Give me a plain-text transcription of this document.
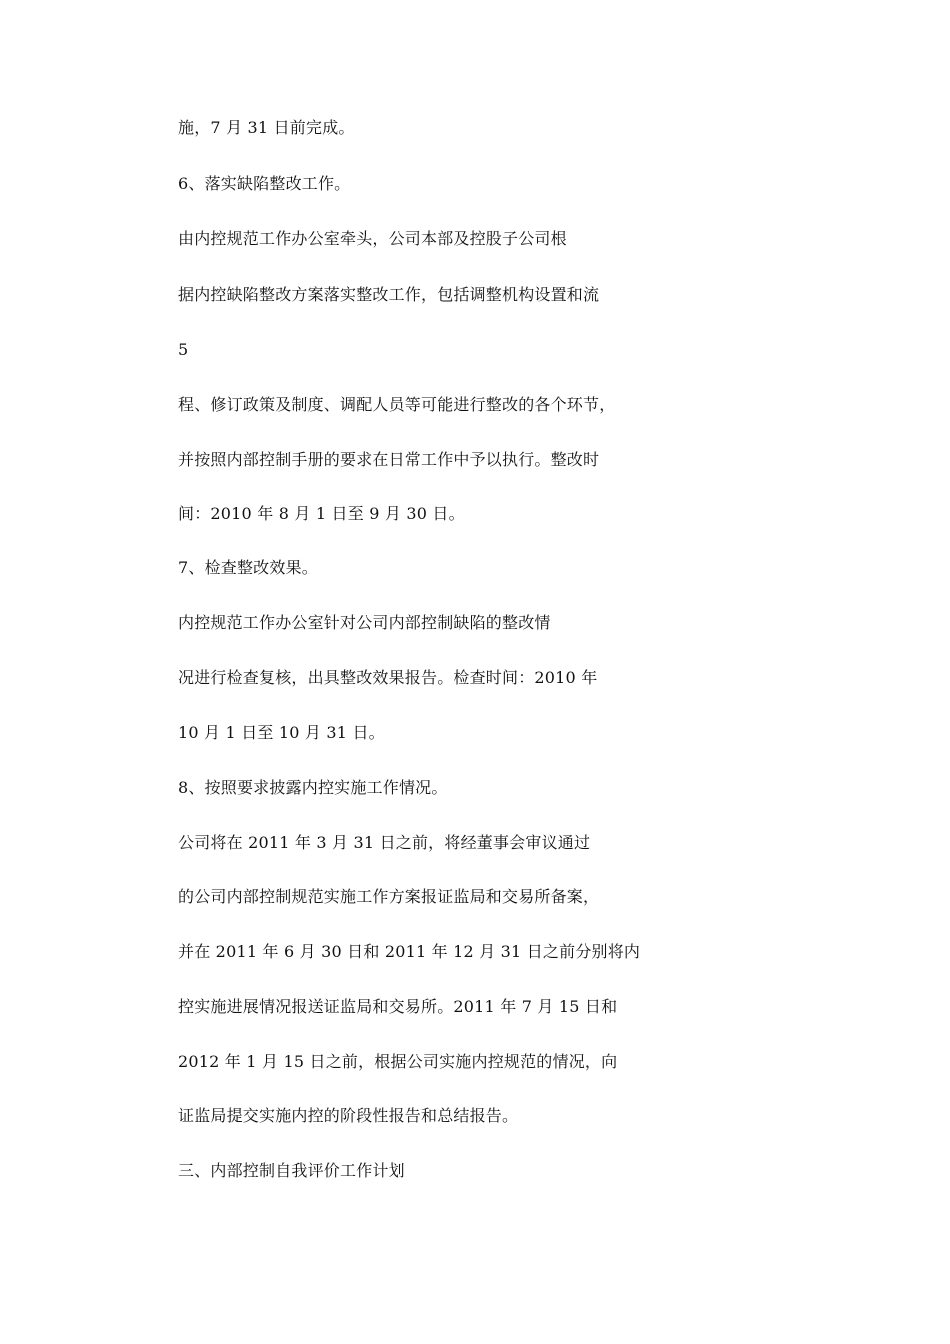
施，7 月 31 日前完成。

6、落实缺陷整改工作。

由内控规范工作办公室牵头，公司本部及控股子公司根

据内控缺陷整改方案落实整改工作，包括调整机构设置和流

5

程、修订政策及制度、调配人员等可能进行整改的各个环节，

并按照内部控制手册的要求在日常工作中予以执行。整改时

间：2010 年 8 月 1 日至 9 月 30 日。

7、检查整改效果。

内控规范工作办公室针对公司内部控制缺陷的整改情

况进行检查复核，出具整改效果报告。检查时间：2010 年

10 月 1 日至 10 月 31 日。

8、按照要求披露内控实施工作情况。

公司将在 2011 年 3 月 31 日之前，将经董事会审议通过

的公司内部控制规范实施工作方案报证监局和交易所备案，

并在 2011 年 6 月 30 日和 2011 年 12 月 31 日之前分别将内

控实施进展情况报送证监局和交易所。2011 年 7 月 15 日和

2012 年 1 月 15 日之前，根据公司实施内控规范的情况，向

证监局提交实施内控的阶段性报告和总结报告。

三、内部控制自我评价工作计划
